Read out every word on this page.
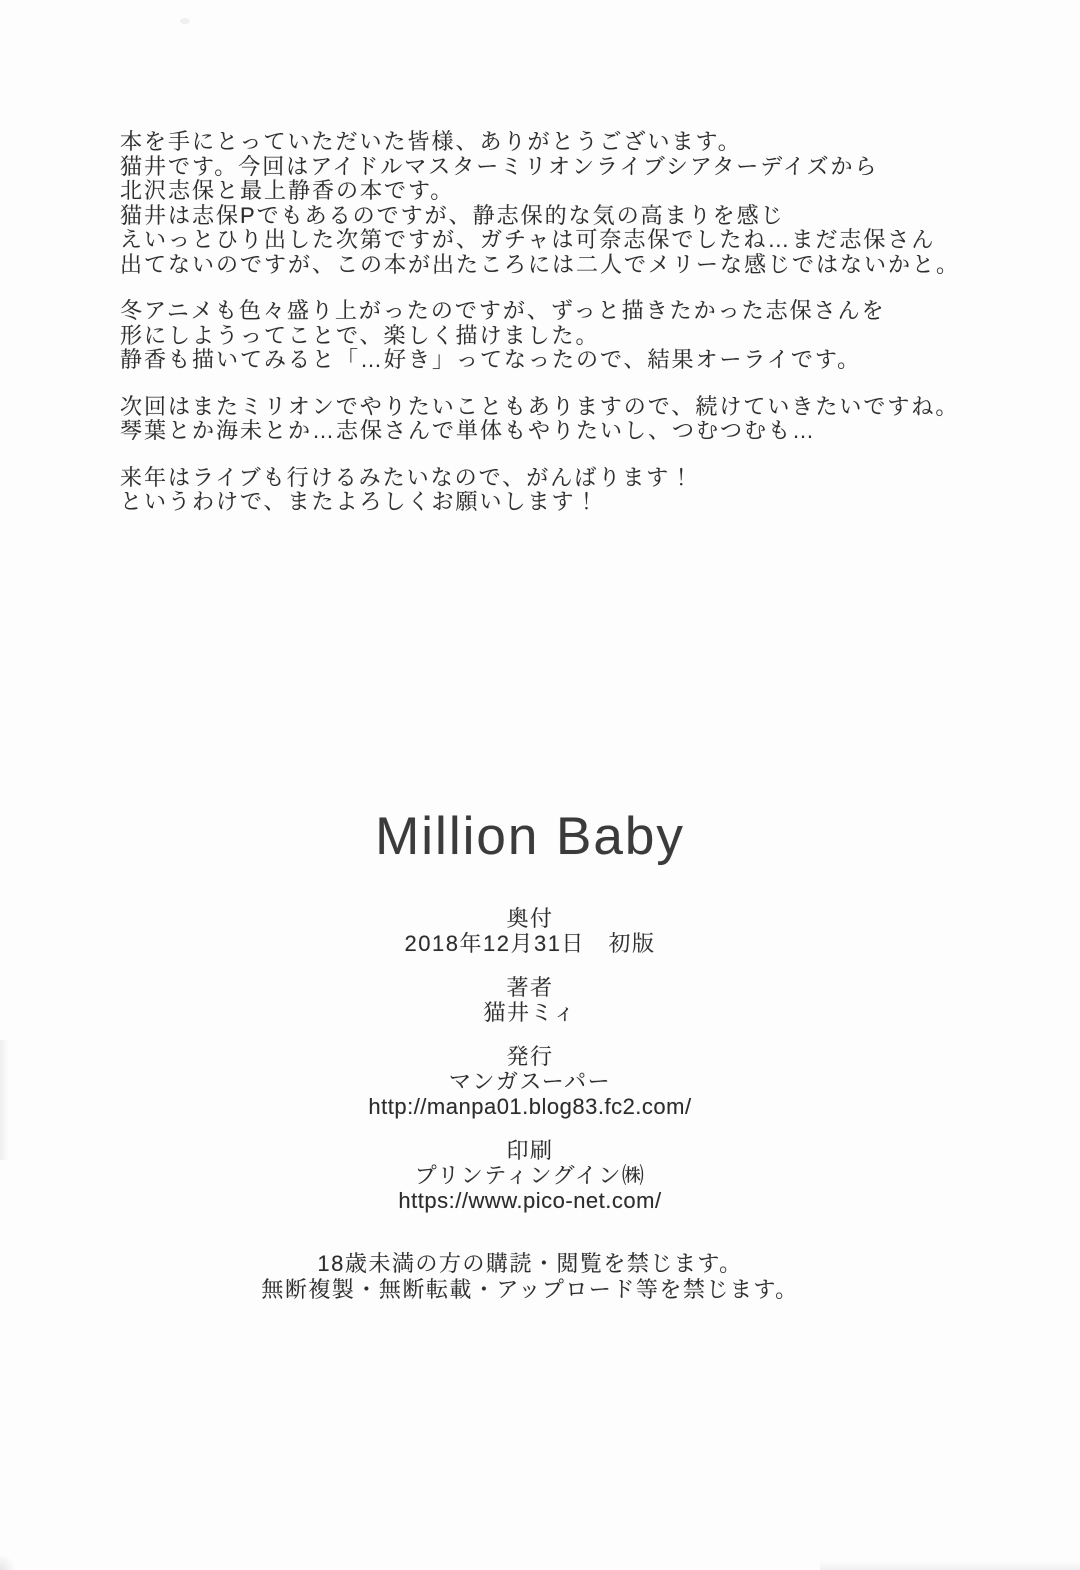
本を手にとっていただいた皆様、ありがとうございます。
猫井です。今回はアイドルマスターミリオンライブシアターデイズから
北沢志保と最上静香の本です。
猫井は志保Pでもあるのですが、静志保的な気の高まりを感じ
えいっとひり出した次第ですが、ガチャは可奈志保でしたね…まだ志保さん
出てないのですが、この本が出たころには二人でメリーな感じではないかと。

冬アニメも色々盛り上がったのですが、ずっと描きたかった志保さんを
形にしようってことで、楽しく描けました。
静香も描いてみると「…好き」ってなったので、結果オーライです。

次回はまたミリオンでやりたいこともありますので、続けていきたいですね。
琴葉とか海未とか…志保さんで単体もやりたいし、つむつむも…

来年はライブも行けるみたいなので、がんばります！
というわけで、またよろしくお願いします！

Million Baby
奥付
2018年12月31日　初版
著者
猫井ミィ
発行
マンガスーパー
http://manpa01.blog83.fc2.com/
印刷
プリンティングイン㈱
https://www.pico-net.com/
18歳未満の方の購読・閲覧を禁じます。
無断複製・無断転載・アップロード等を禁じます。
